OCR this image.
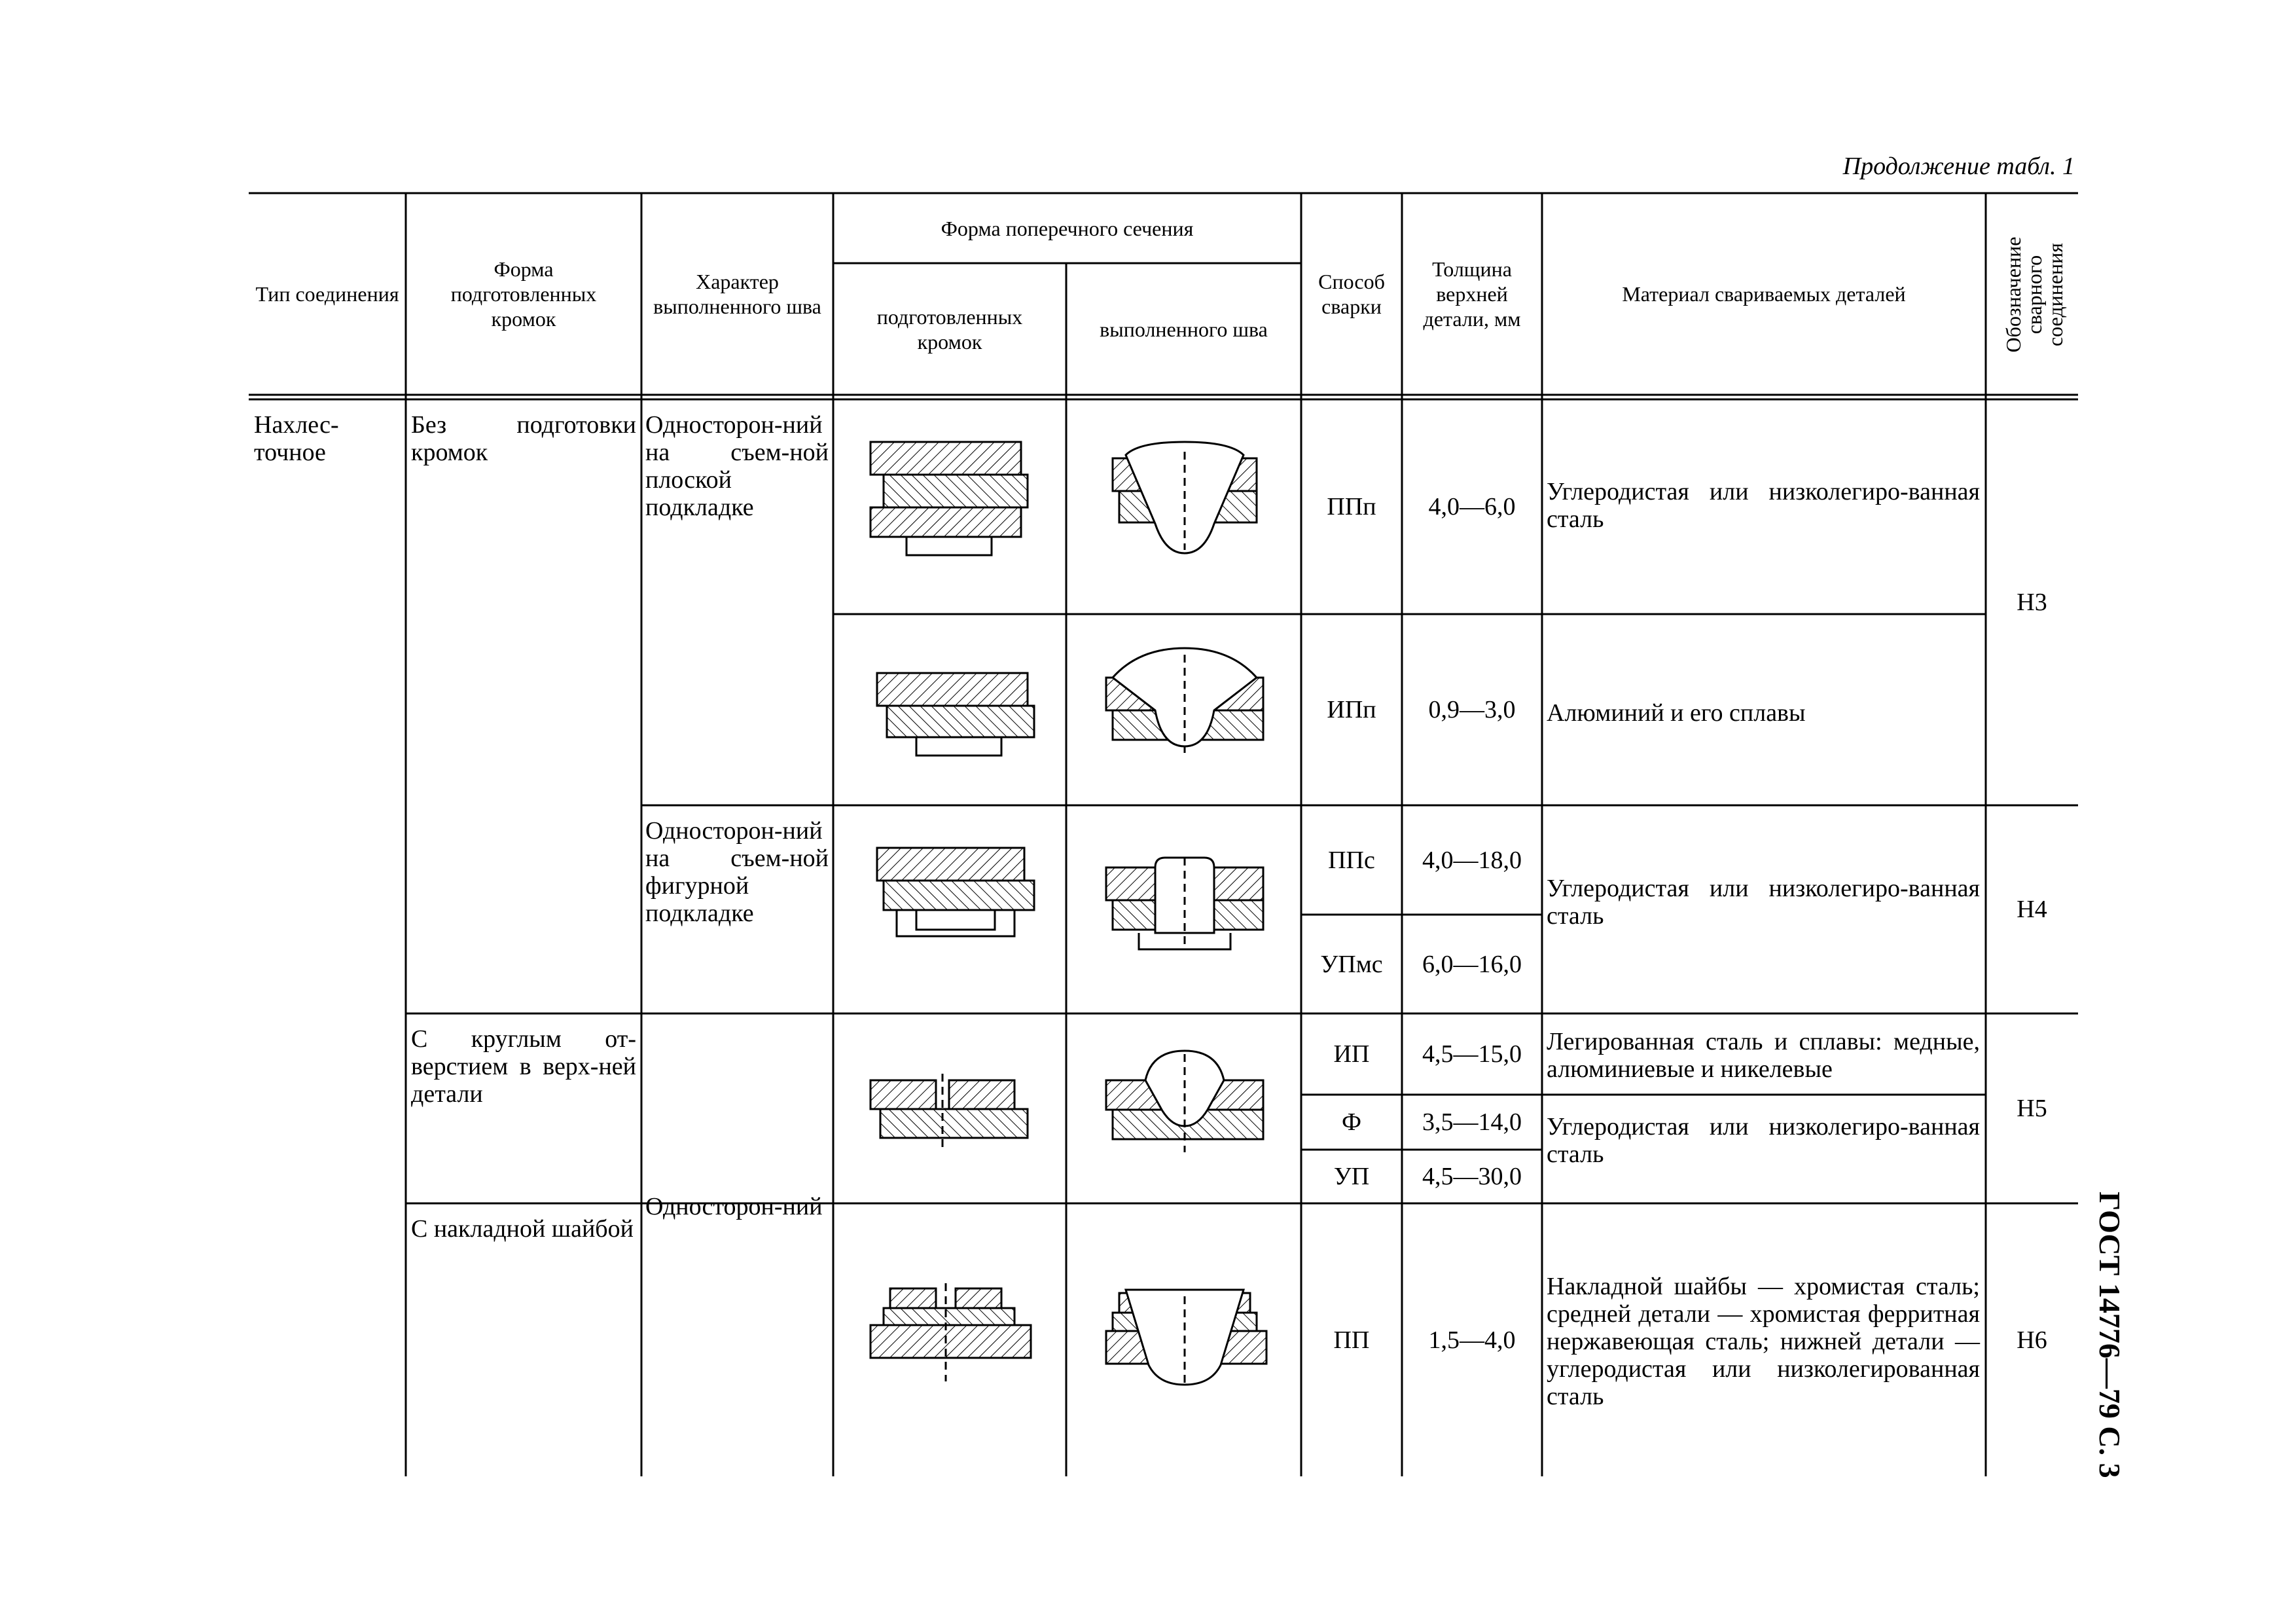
Продолжение табл. 1
ГОСТ 14776—79 С. 3
Тип соединения
Форма подготовленных кромок
Характер выполненного шва
Форма поперечного сечения
подготовленных кромок
выполненного шва
Способ сварки
Толщина верхней детали, мм
Материал свариваемых деталей	Обозначение сварного соединения
Нахлес-точное
Без подготовки кромок
С круглым от-верстием в верх-ней детали
С накладной шайбой
Односторон-ний на съем-ной плоской подкладке
Односторон-ний на съем-ной фигурной подкладке
Односторон-ний
ППп
ИПп
ППс
УПмс
ИП
Ф
УП
ПП
4,0—6,0
0,9—3,0
4,0—18,0
6,0—16,0
4,5—15,0
3,5—14,0
4,5—30,0
1,5—4,0
Углеродистая или низколегиро-ванная сталь
Алюминий и его сплавы
Углеродистая или низколегиро-ванная сталь
Легированная сталь и сплавы: медные, алюминиевые и никелевые
Углеродистая или низколегиро-ванная сталь
Накладной шайбы — хромистая сталь; средней детали — хромистая ферритная нержавеющая сталь; нижней детали — углеродистая или низколегированная сталь
Н3
Н4
Н5
Н6
